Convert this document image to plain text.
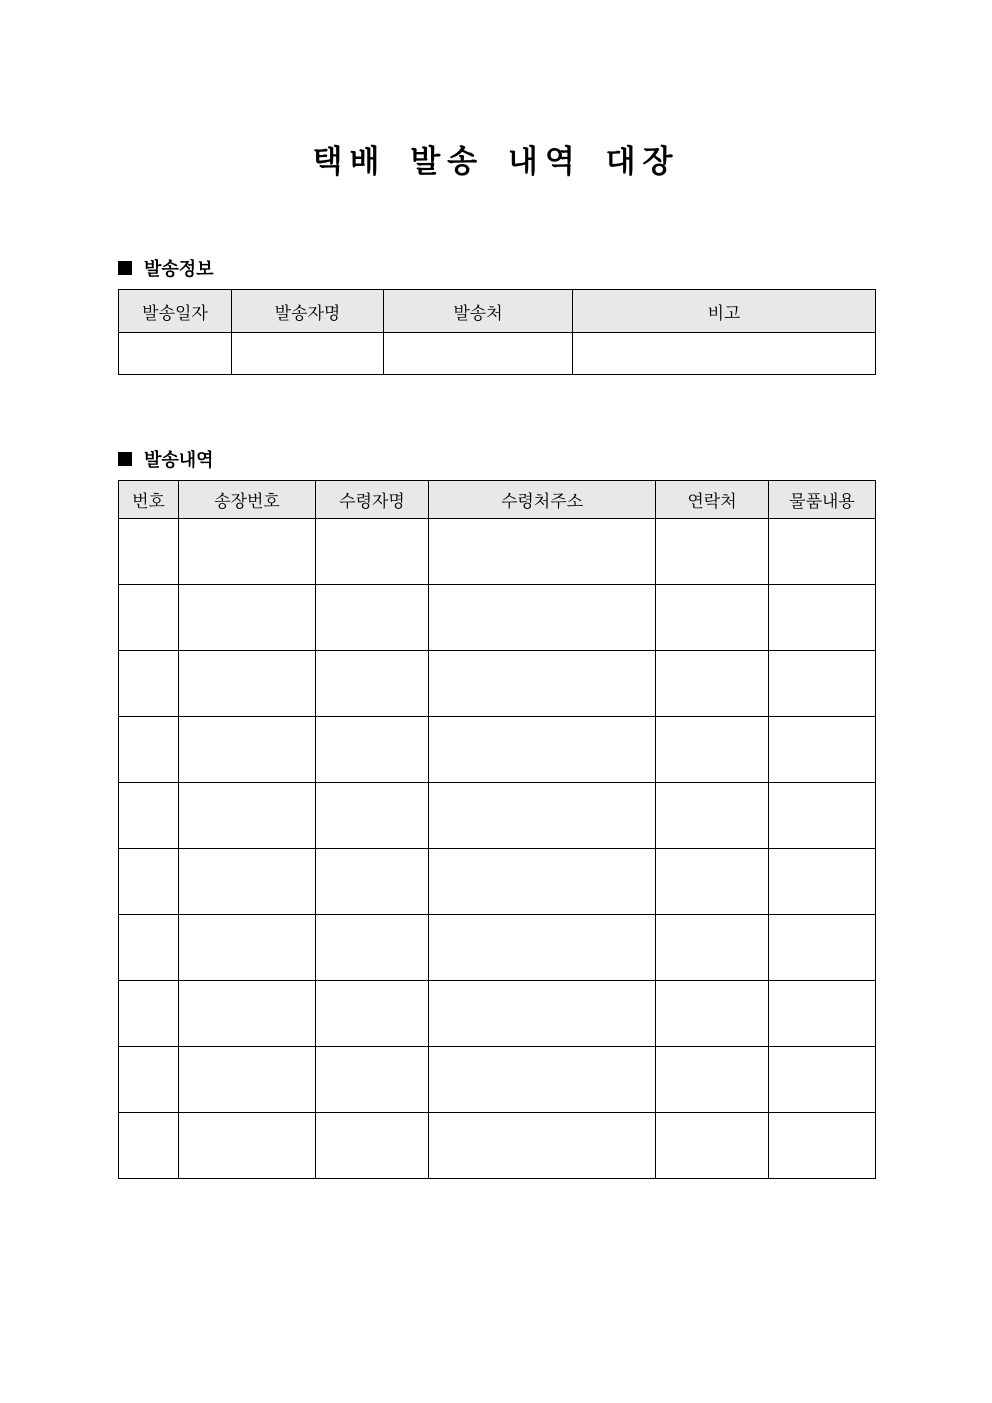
택배 발송 내역 대장
발송정보
발송일자	발송자명	발송처	비고

발송내역
번호	송장번호	수령자명	수령처주소	연락처	물품내용
